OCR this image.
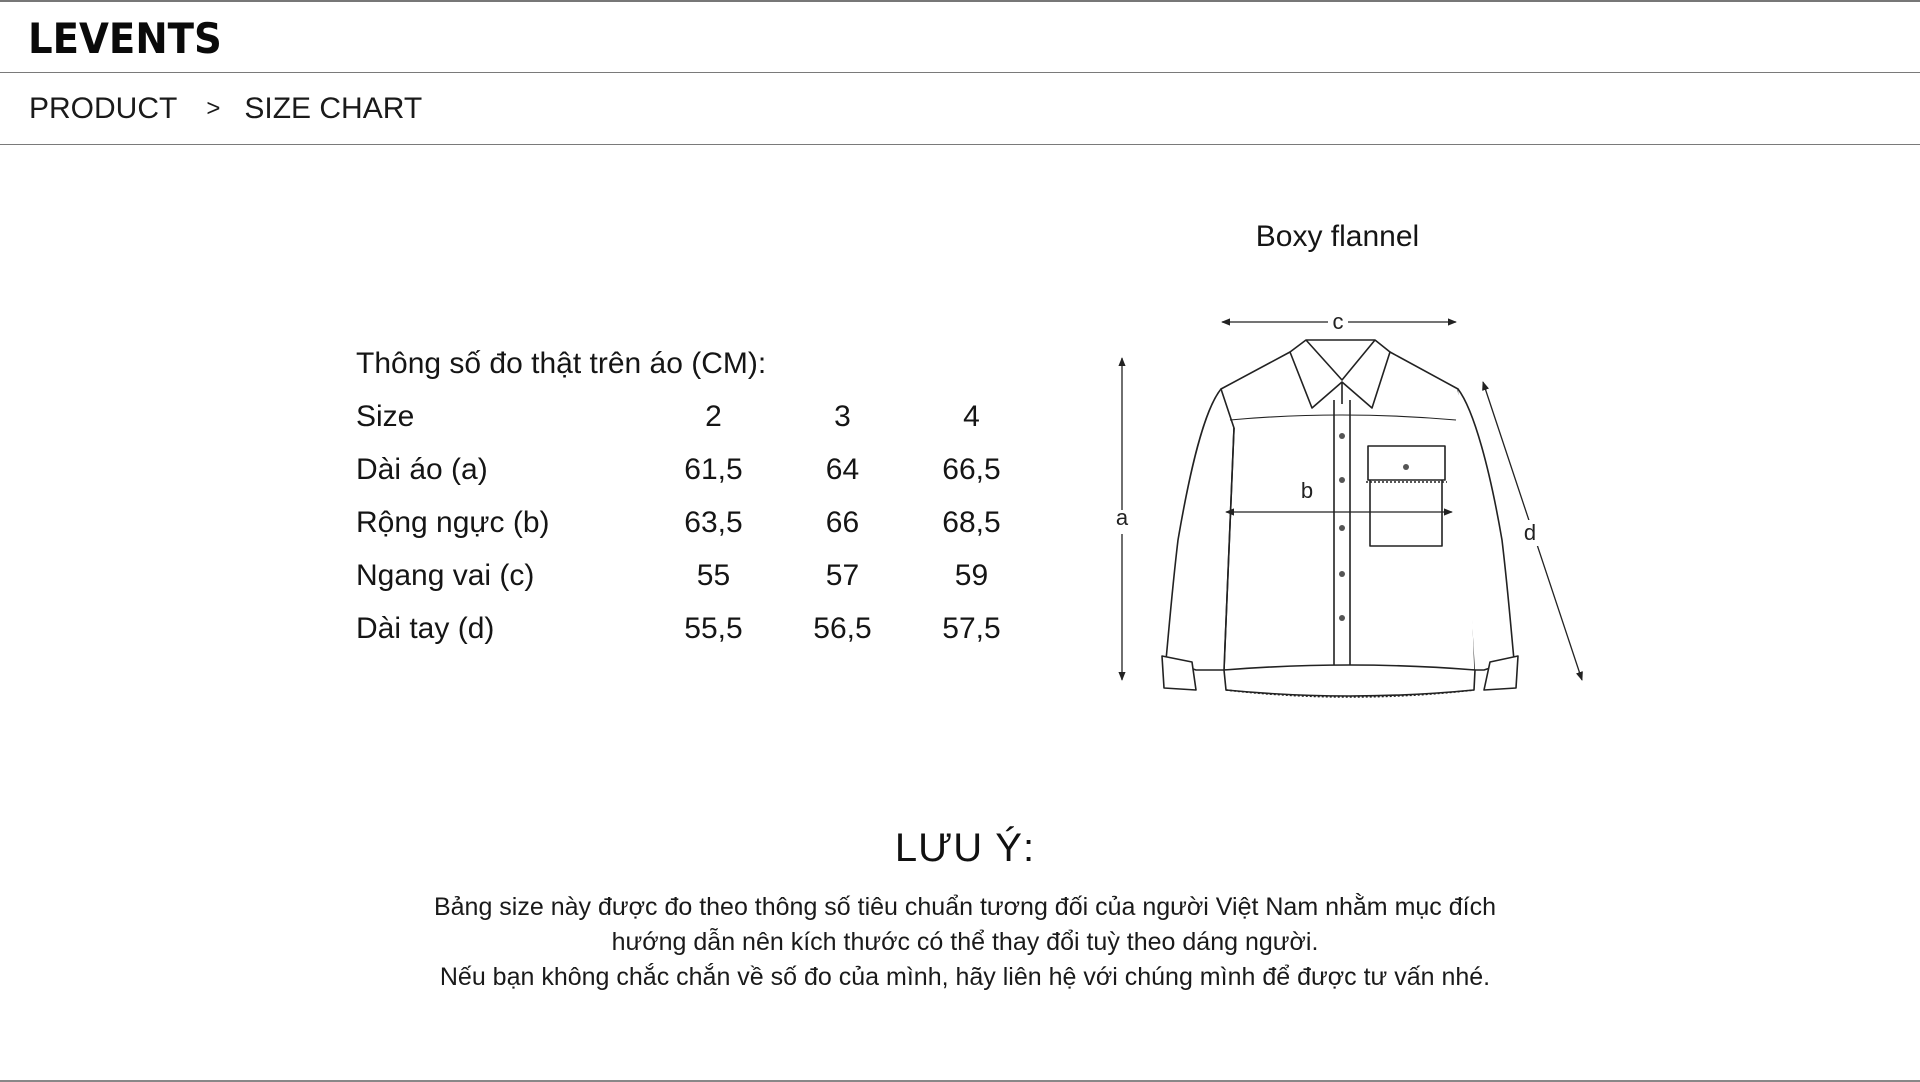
LEVENTS
PRODUCT > SIZE CHART
Thông số đo thật trên áo (CM):
Size	2	3	4
Dài áo (a)	61,5	64	66,5
Rộng ngực (b)	63,5	66	68,5
Ngang vai (c)	55	57	59
Dài tay (d)	55,5	56,5	57,5
Boxy flannel
c
a
b
d
LƯU Ý:
Bảng size này được đo theo thông số tiêu chuẩn tương đối của người Việt Nam nhằm mục đích
hướng dẫn nên kích thước có thể thay đổi tuỳ theo dáng người.
Nếu bạn không chắc chắn về số đo của mình, hãy liên hệ với chúng mình để được tư vấn nhé.
